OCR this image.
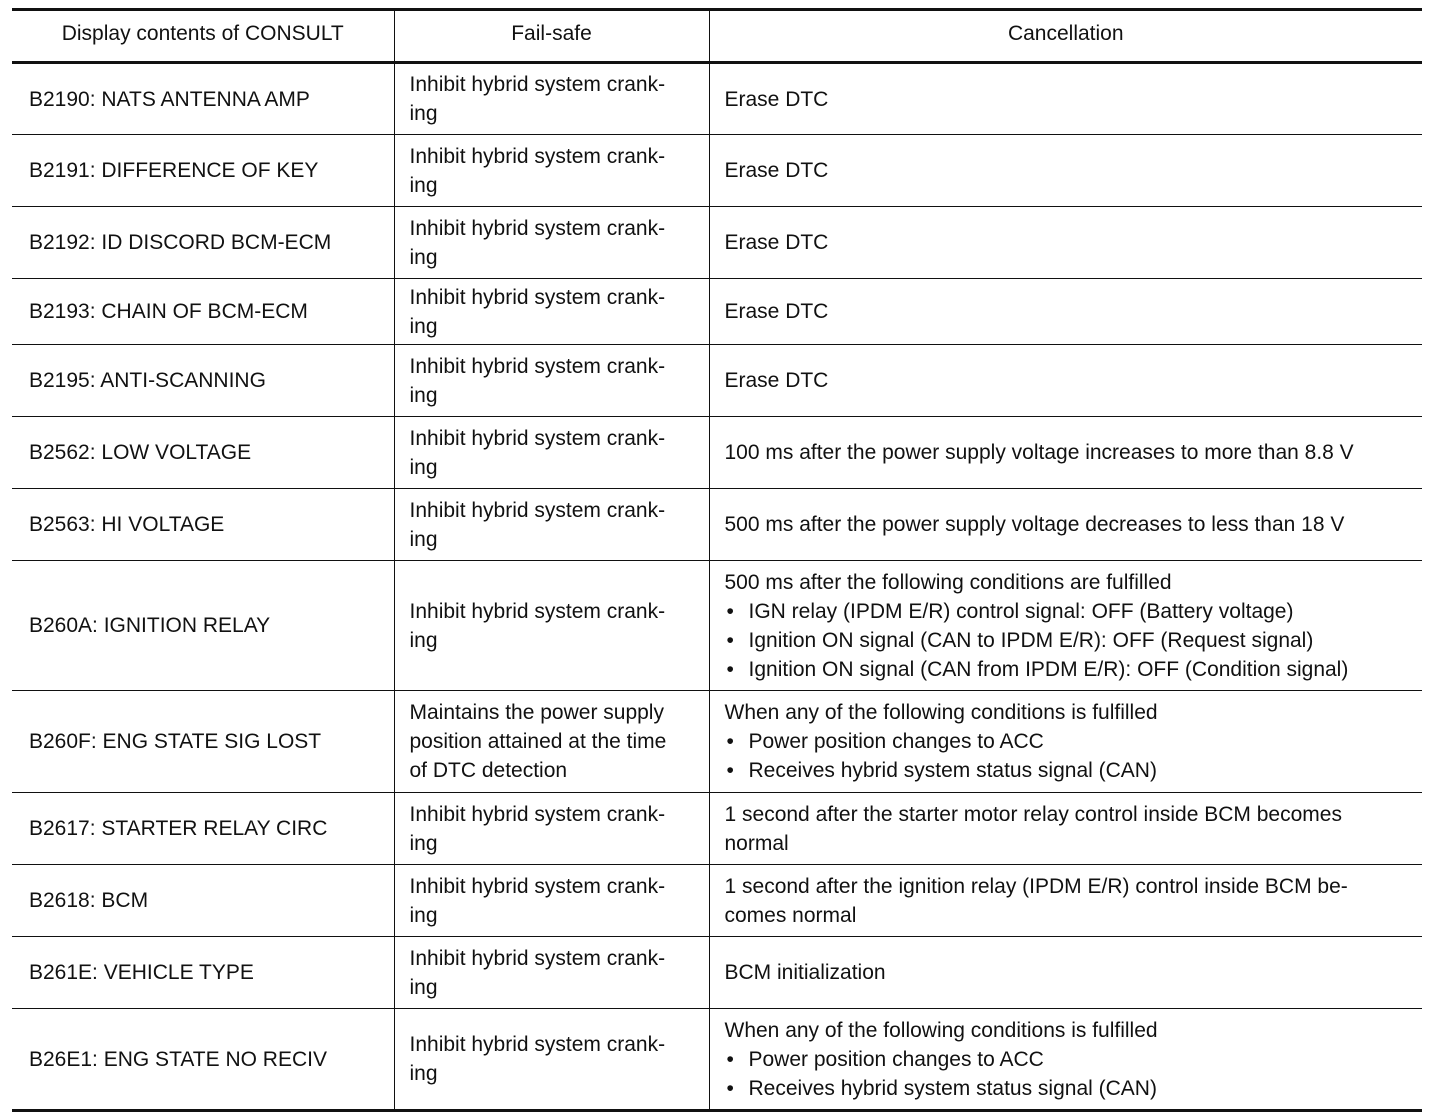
Display contents of CONSULT	Fail-safe	Cancellation

B2190: NATS ANTENNA AMP	Inhibit hybrid system crank-
ing	Erase DTC

B2191: DIFFERENCE OF KEY	Inhibit hybrid system crank-
ing	Erase DTC

B2192: ID DISCORD BCM-ECM	Inhibit hybrid system crank-
ing	Erase DTC

B2193: CHAIN OF BCM-ECM	Inhibit hybrid system crank-
ing	Erase DTC

B2195: ANTI-SCANNING	Inhibit hybrid system crank-
ing	Erase DTC

B2562: LOW VOLTAGE	Inhibit hybrid system crank-
ing	100 ms after the power supply voltage increases to more than 8.8 V

B2563: HI VOLTAGE	Inhibit hybrid system crank-
ing	500 ms after the power supply voltage decreases to less than 18 V

B260A: IGNITION RELAY	Inhibit hybrid system crank-
ing	500 ms after the following conditions are fulfilled
• IGN relay (IPDM E/R) control signal: OFF (Battery voltage)
• Ignition ON signal (CAN to IPDM E/R): OFF (Request signal)
• Ignition ON signal (CAN from IPDM E/R): OFF (Condition signal)

B260F: ENG STATE SIG LOST	Maintains the power supply
position attained at the time
of DTC detection	When any of the following conditions is fulfilled
• Power position changes to ACC
• Receives hybrid system status signal (CAN)

B2617: STARTER RELAY CIRC	Inhibit hybrid system crank-
ing	1 second after the starter motor relay control inside BCM becomes
normal

B2618: BCM	Inhibit hybrid system crank-
ing	1 second after the ignition relay (IPDM E/R) control inside BCM be-
comes normal

B261E: VEHICLE TYPE	Inhibit hybrid system crank-
ing	BCM initialization

B26E1: ENG STATE NO RECIV	Inhibit hybrid system crank-
ing	When any of the following conditions is fulfilled
• Power position changes to ACC
• Receives hybrid system status signal (CAN)
